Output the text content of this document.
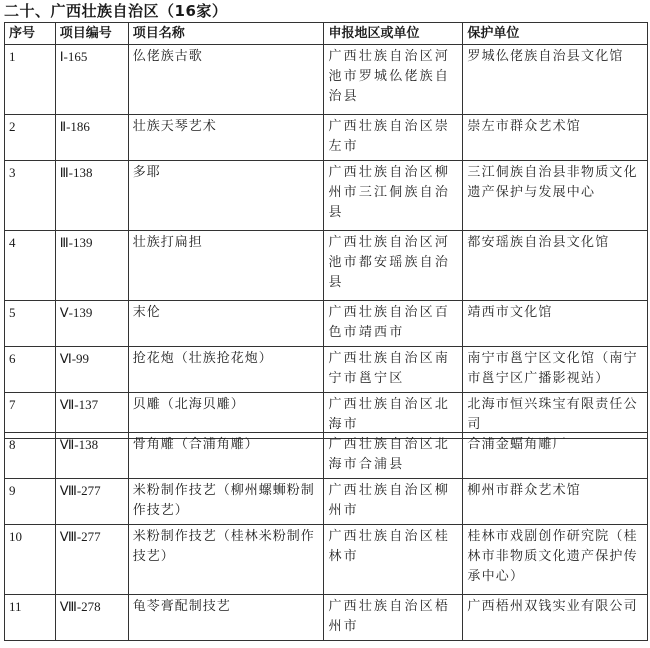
二十、广西壮族自治区（16家）
序号	项目编号	项目名称	申报地区或单位	保护单位
1	Ⅰ-165	仫佬族古歌	广西壮族自治区河池市罗城仫佬族自治县	罗城仫佬族自治县文化馆
2	Ⅱ-186	壮族天琴艺术	广西壮族自治区崇左市	崇左市群众艺术馆
3	Ⅲ-138	多耶	广西壮族自治区柳州市三江侗族自治县	三江侗族自治县非物质文化遗产保护与发展中心
4	Ⅲ-139	壮族打扁担	广西壮族自治区河池市都安瑶族自治县	都安瑶族自治县文化馆
5	Ⅴ-139	末伦	广西壮族自治区百色市靖西市	靖西市文化馆
6	Ⅵ-99	抢花炮（壮族抢花炮）	广西壮族自治区南宁市邕宁区	南宁市邕宁区文化馆（南宁市邕宁区广播影视站）
7	Ⅶ-137	贝雕（北海贝雕）	广西壮族自治区北海市	北海市恒兴珠宝有限责任公司
8	Ⅶ-138	骨角雕（合浦角雕）	广西壮族自治区北海市合浦县	合浦金蝠角雕厂
9	Ⅷ-277	米粉制作技艺（柳州螺蛳粉制作技艺）	广西壮族自治区柳州市	柳州市群众艺术馆
10	Ⅷ-277	米粉制作技艺（桂林米粉制作技艺）	广西壮族自治区桂林市	桂林市戏剧创作研究院（桂林市非物质文化遗产保护传承中心）
11	Ⅷ-278	龟苓膏配制技艺	广西壮族自治区梧州市	广西梧州双钱实业有限公司
